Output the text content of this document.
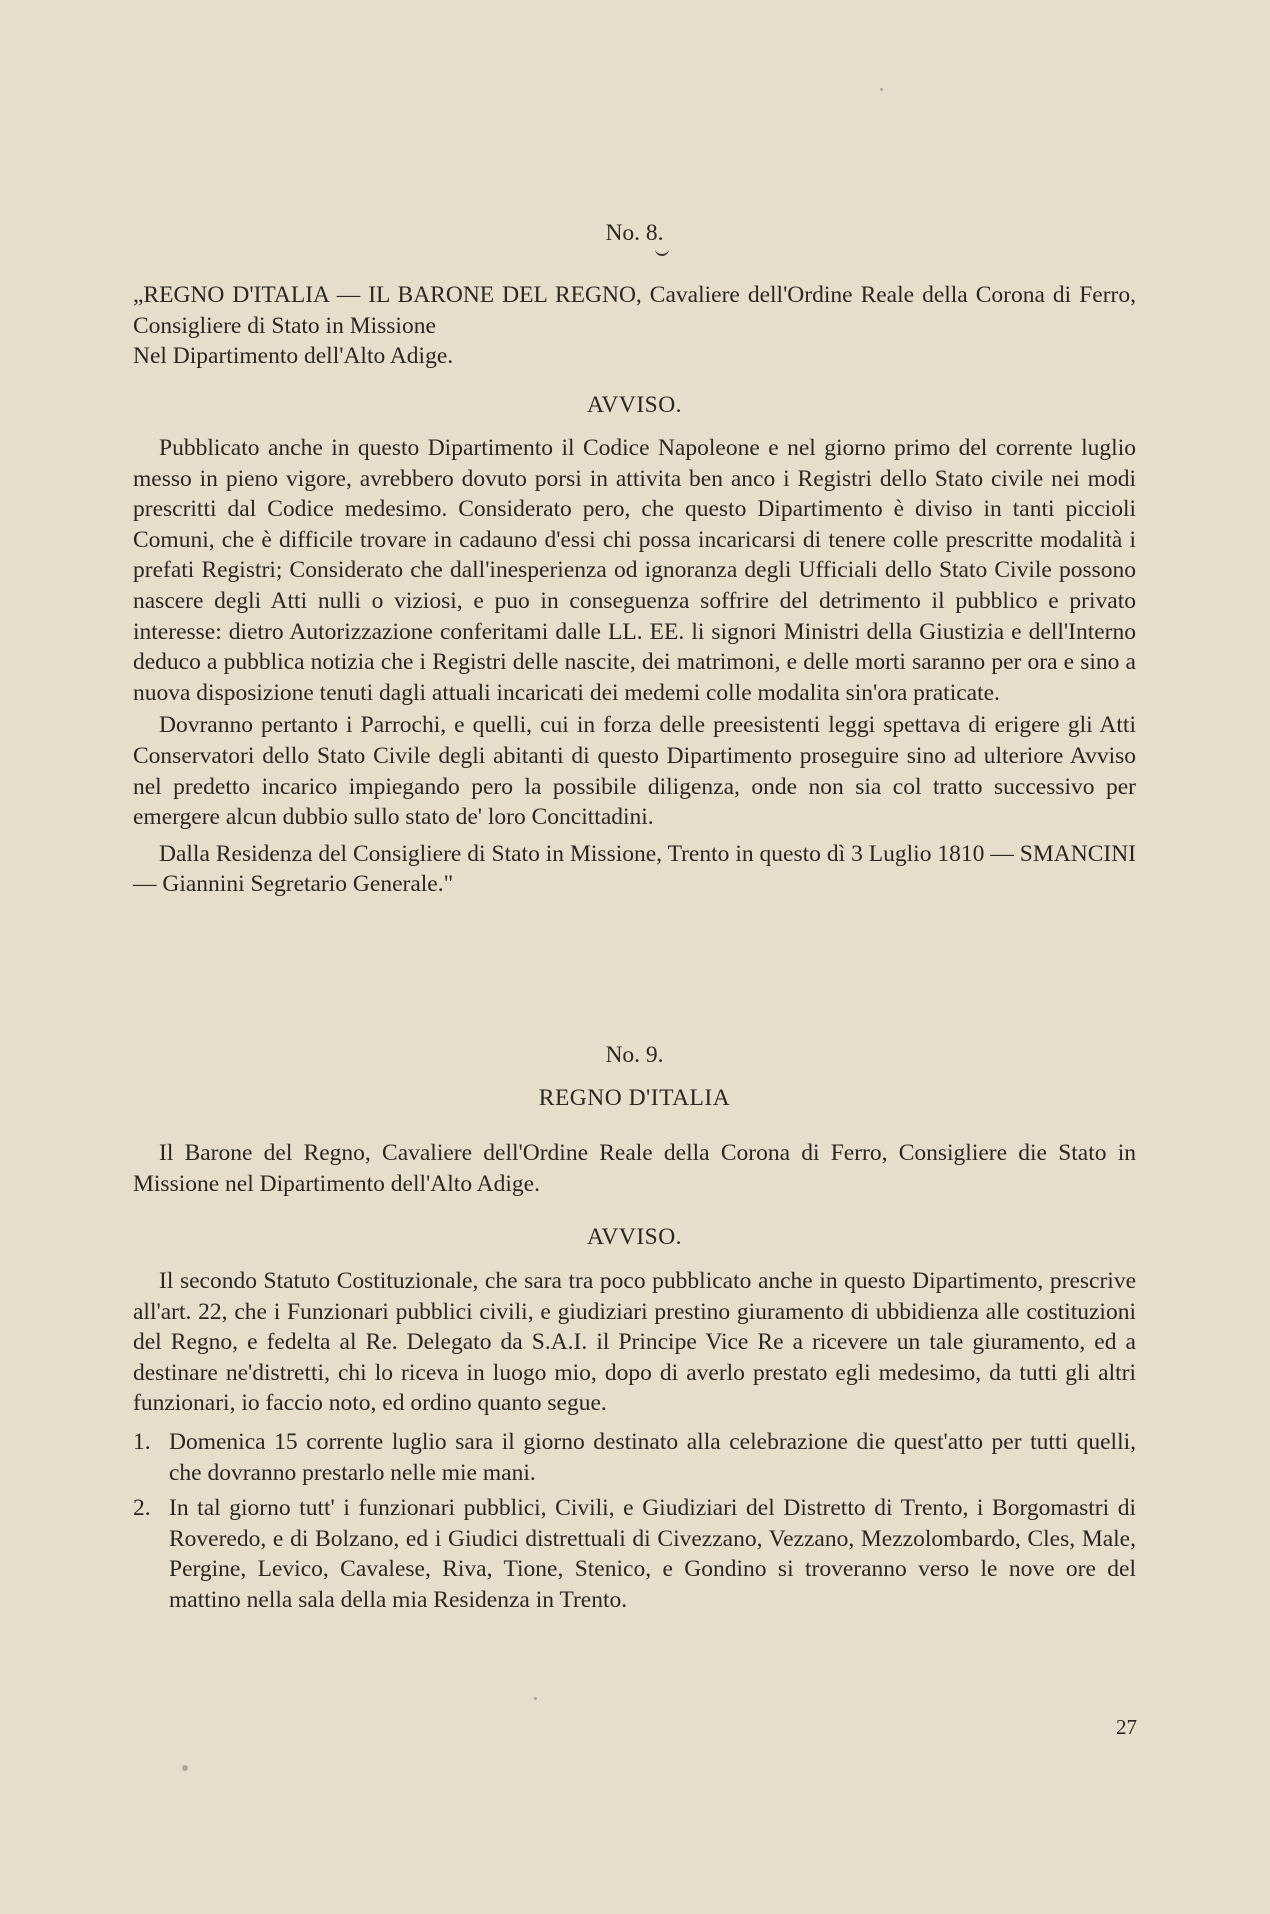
No. 8.

„REGNO D'ITALIA — IL BARONE DEL REGNO, Cavaliere dell'Ordine Reale della Corona di Ferro, Consigliere di Stato in Missione

Nel Dipartimento dell'Alto Adige.

AVVISO.

Pubblicato anche in questo Dipartimento il Codice Napoleone e nel giorno primo del corrente luglio messo in pieno vigore, avrebbero dovuto porsi in attivita ben anco i Registri dello Stato civile nei modi prescritti dal Codice medesimo. Considerato pero, che questo Dipartimento è diviso in tanti piccioli Comuni, che è difficile trovare in cadauno d'essi chi possa incaricarsi di tenere colle prescritte modalità i prefati Registri; Considerato che dall'inesperienza od ignoranza degli Ufficiali dello Stato Civile possono nascere degli Atti nulli o viziosi, e puo in conseguenza soffrire del detrimento il pubblico e privato interesse: dietro Autorizzazione conferitami dalle LL. EE. li signori Ministri della Giustizia e dell'Interno deduco a pubblica notizia che i Registri delle nascite, dei matrimoni, e delle morti saranno per ora e sino a nuova disposizione tenuti dagli attuali incaricati dei medemi colle modalita sin'ora praticate.

Dovranno pertanto i Parrochi, e quelli, cui in forza delle preesistenti leggi spettava di erigere gli Atti Conservatori dello Stato Civile degli abitanti di questo Dipartimento proseguire sino ad ulteriore Avviso nel predetto incarico impiegando pero la possibile diligenza, onde non sia col tratto successivo per emergere alcun dubbio sullo stato de' loro Concittadini.

Dalla Residenza del Consigliere di Stato in Missione, Trento in questo dì 3 Luglio 1810 — SMANCINI — Giannini Segretario Generale."

No. 9.
REGNO D'ITALIA

Il Barone del Regno, Cavaliere dell'Ordine Reale della Corona di Ferro, Consigliere die Stato in Missione nel Dipartimento dell'Alto Adige.

AVVISO.

Il secondo Statuto Costituzionale, che sara tra poco pubblicato anche in questo Dipartimento, prescrive all'art. 22, che i Funzionari pubblici civili, e giudiziari prestino giuramento di ubbidienza alle costituzioni del Regno, e fedelta al Re. Delegato da S.A.I. il Principe Vice Re a ricevere un tale giuramento, ed a destinare ne'distretti, chi lo riceva in luogo mio, dopo di averlo prestato egli medesimo, da tutti gli altri funzionari, io faccio noto, ed ordino quanto segue.

1. Domenica 15 corrente luglio sara il giorno destinato alla celebrazione die quest'atto per tutti quelli, che dovranno prestarlo nelle mie mani.
2. In tal giorno tutt' i funzionari pubblici, Civili, e Giudiziari del Distretto di Trento, i Borgomastri di Roveredo, e di Bolzano, ed i Giudici distrettuali di Civezzano, Vezzano, Mezzolombardo, Cles, Male, Pergine, Levico, Cavalese, Riva, Tione, Stenico, e Gondino si troveranno verso le nove ore del mattino nella sala della mia Residenza in Trento.
27
